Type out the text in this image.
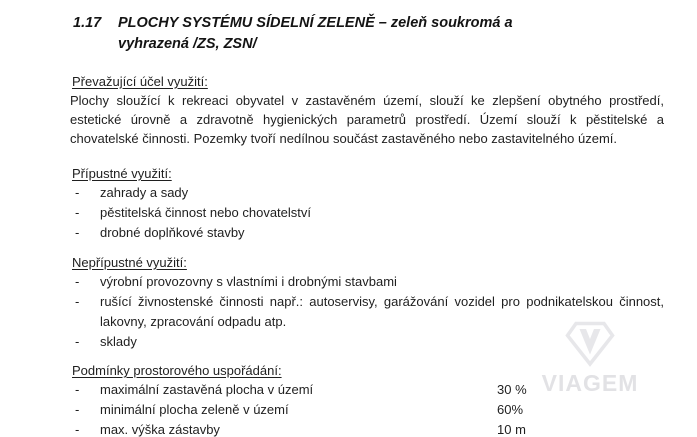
VIAGEM
1.17	PLOCHY SYSTÉMU SÍDELNÍ ZELENĚ – zeleň soukromá a
vyhrazená /ZS, ZSN/
Převažující účel využití:

Plochy sloužící k rekreaci obyvatel v zastavěném území, slouží ke zlepšení obytného prostředí, estetické úrovně a zdravotně hygienických parametrů prostředí. Území slouží k pěstitelské a chovatelské činnosti. Pozemky tvoří nedílnou součást zastavěného nebo zastavitelného území.

Přípustné využití:
- zahrady a sady
- pěstitelská činnost nebo chovatelství
- drobné doplňkové stavby
Nepřípustné využití:
- výrobní provozovny s vlastními i drobnými stavbami
- rušící živnostenské činnosti např.: autoservisy, garážování vozidel pro podnikatelskou činnost, lakovny, zpracování odpadu atp.
- sklady
Podmínky prostorového uspořádání:
- maximální zastavěná plocha v území	30 %
- minimální plocha zeleně v území	60%
- max. výška zástavby	10 m
